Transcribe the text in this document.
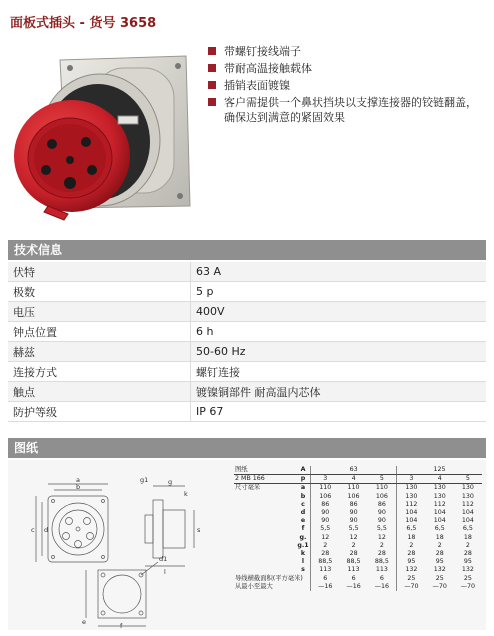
面板式插头 - 货号 3658
带螺钉接线端子
带耐高温接触载体
插销表面镀镍
客户需提供一个鼻状挡块以支撑连接器的铰链翻盖，确保达到满意的紧固效果
技术信息
伏特	63 A
极数	5 p
电压	400V
钟点位置	6 h
赫兹	50-60 Hz
连接方式	螺钉连接
触点	镀镍铜部件 耐高温内芯体
防护等级	IP 67
图纸
a
b
c d
e	f
g
k
l
s
d1
g1
图纸	A	63			125		
2 MB 166	p	3	4	5	3	4	5
尺寸毫米	a	110	110	110	130	130	130
	b	106	106	106	130	130	130
	c	86	86	86	112	112	112
	d	90	90	90	104	104	104
	e	90	90	90	104	104	104
	f	5,5	5,5	5,5	6,5	6,5	6,5
	g.	12	12	12	18	18	18
	g.1	2	2	2	2	2	2
	k	28	28	28	28	28	28
	l	88,5	88,5	88,5	95	95	95
	s	113	113	113	132	132	132
导线横截面积(平方毫米)		6	6	6	25	25	25
从最小至最大		—16	—16	—16	—70	—70	—70
